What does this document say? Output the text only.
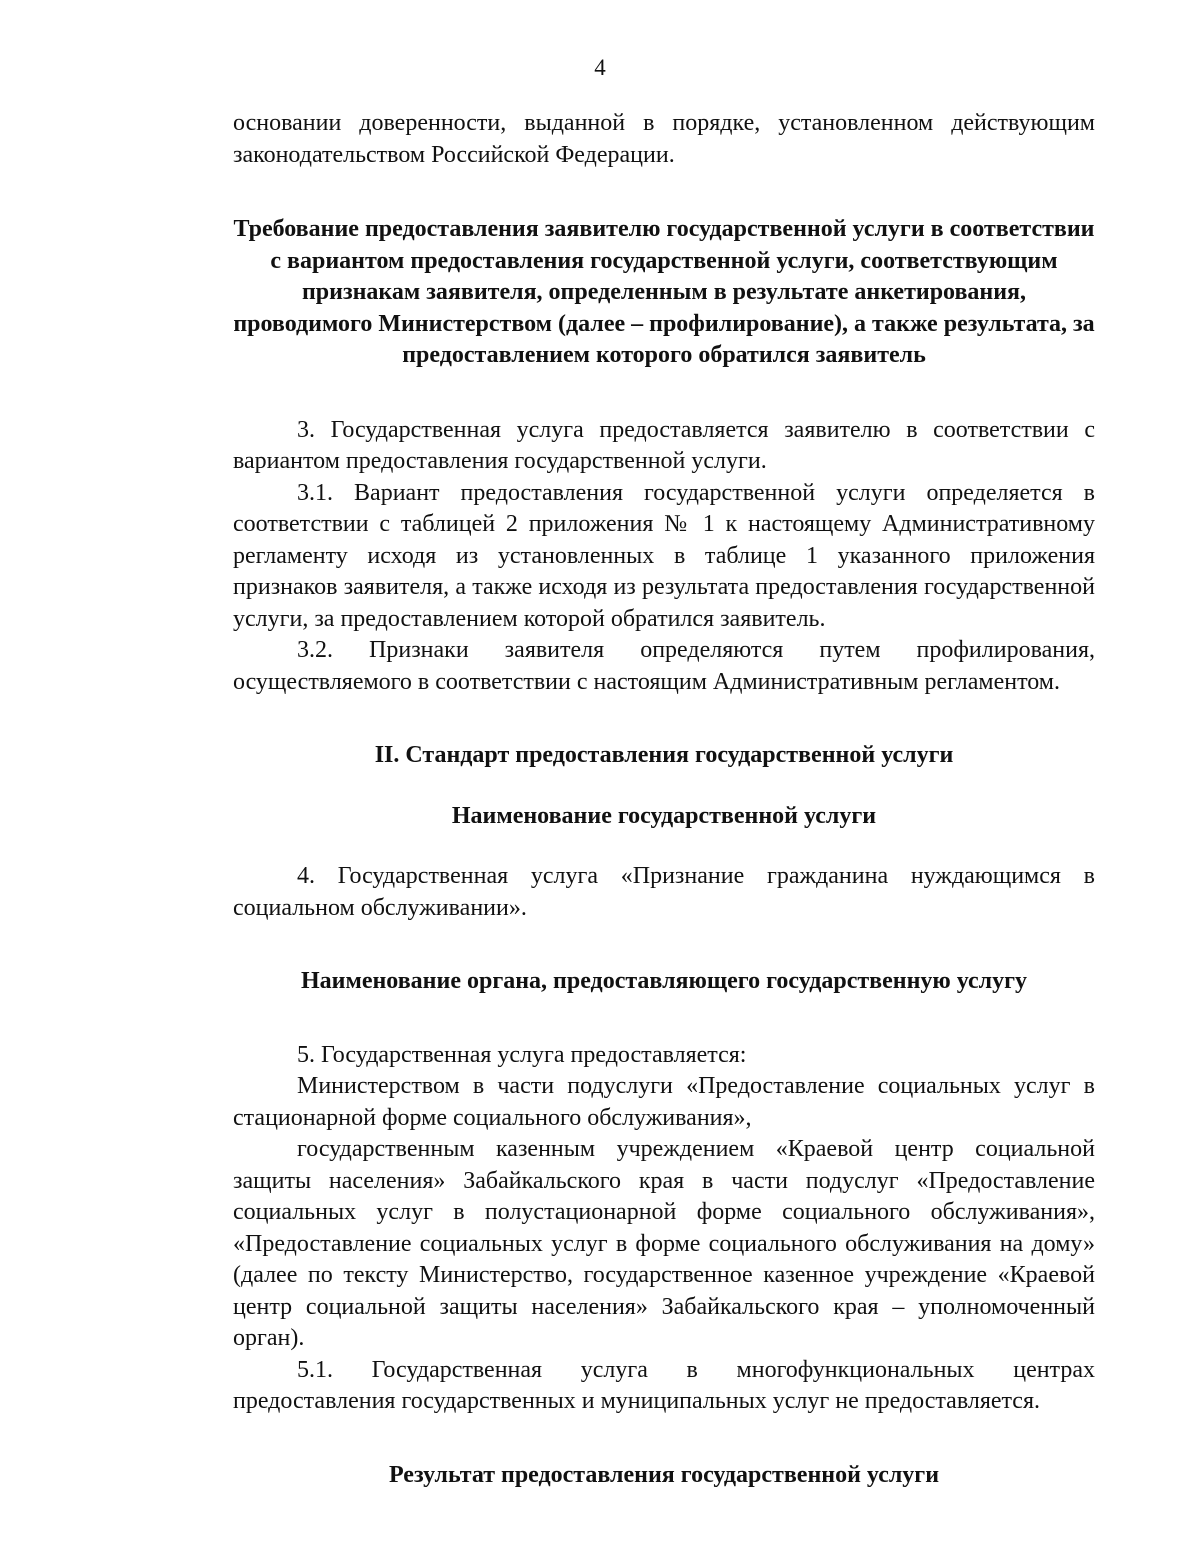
4

основании доверенности, выданной в порядке, установленном действующим законодательством Российской Федерации.

Требование предоставления заявителю государственной услуги в соответствии с вариантом предоставления государственной услуги, соответствующим признакам заявителя, определенным в результате анкетирования, проводимого Министерством (далее – профилирование), а также результата, за предоставлением которого обратился заявитель

3. Государственная услуга предоставляется заявителю в соответствии с вариантом предоставления государственной услуги.

3.1. Вариант предоставления государственной услуги определяется в соответствии с таблицей 2 приложения № 1 к настоящему Административному регламенту исходя из установленных в таблице 1 указанного приложения признаков заявителя, а также исходя из результата предоставления государственной услуги, за предоставлением которой обратился заявитель.

3.2. Признаки заявителя определяются путем профилирования, осуществляемого в соответствии с настоящим Административным регламентом.

II. Стандарт предоставления государственной услуги
Наименование государственной услуги

4. Государственная услуга «Признание гражданина нуждающимся в социальном обслуживании».

Наименование органа, предоставляющего государственную услугу

5. Государственная услуга предоставляется:

Министерством в части подуслуги «Предоставление социальных услуг в стационарной форме социального обслуживания»,

государственным казенным учреждением «Краевой центр социальной защиты населения» Забайкальского края в части подуслуг «Предоставление социальных услуг в полустационарной форме социального обслуживания», «Предоставление социальных услуг в форме социального обслуживания на дому» (далее по тексту Министерство, государственное казенное учреждение «Краевой центр социальной защиты населения» Забайкальского края – уполномоченный орган).

5.1. Государственная услуга в многофункциональных центрах предоставления государственных и муниципальных услуг не предоставляется.

Результат предоставления государственной услуги
